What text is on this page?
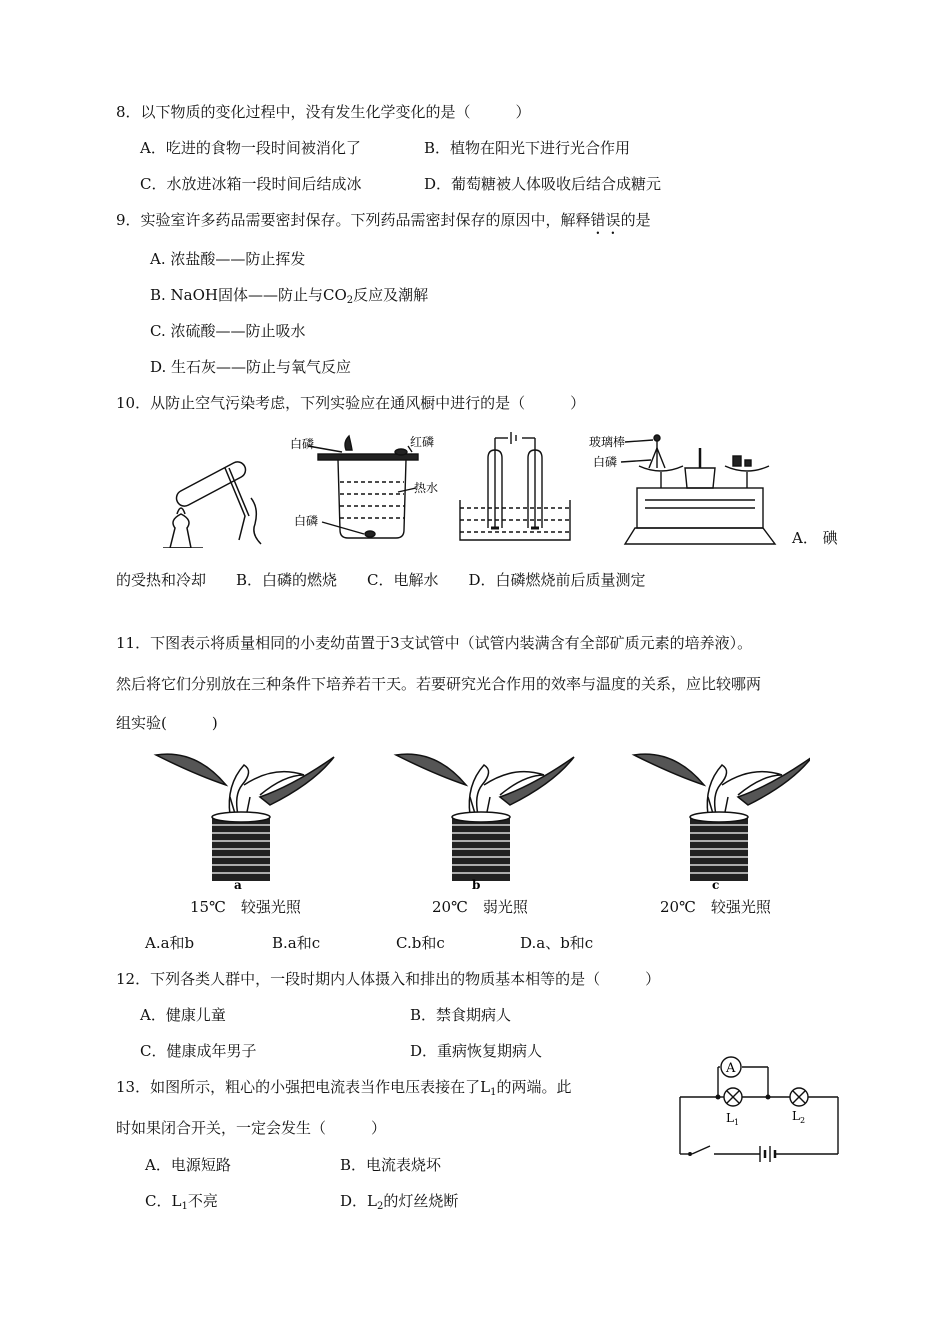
8．以下物质的变化过程中，没有发生化学变化的是（　　　）
A．吃进的食物一段时间被消化了	B．植物在阳光下进行光合作用
C．水放进冰箱一段时间后结成冰	D．葡萄糖被人体吸收后结合成糖元
9．实验室许多药品需要密封保存。下列药品需密封保存的原因中，解释错误的是
A. 浓盐酸——防止挥发
B. NaOH固体——防止与$CO_2$反应及潮解
C. 浓硫酸——防止吸水
D. 生石灰——防止与氧气反应
10．从防止空气污染考虑，下列实验应在通风橱中进行的是（　　　）
白磷	红磷
热水
白磷
玻璃棒
白磷
A． 碘
的受热和冷却　　B．白磷的燃烧　　C．电解水　　D．白磷燃烧前后质量测定
11．下图表示将质量相同的小麦幼苗置于3支试管中（试管内装满含有全部矿质元素的培养液）。
然后将它们分别放在三种条件下培养若干天。若要研究光合作用的效率与温度的关系，应比较哪两
组实验(　　　)
a	b	c
15℃　较强光照	20℃　弱光照	20℃　较强光照
A.a和b	B.a和c	C.b和c	D.a、b和c
12．下列各类人群中，一段时期内人体摄入和排出的物质基本相等的是（　　　）
A．健康儿童	B．禁食期病人
C．健康成年男子	D．重病恢复期病人
13．如图所示，粗心的小强把电流表当作电压表接在了$L_1$的两端。此
时如果闭合开关，一定会发生（　　　）
A．电源短路	B．电流表烧坏
C．$L_1$不亮	D．$L_2$的灯丝烧断
A
$L_1$	$L_2$
